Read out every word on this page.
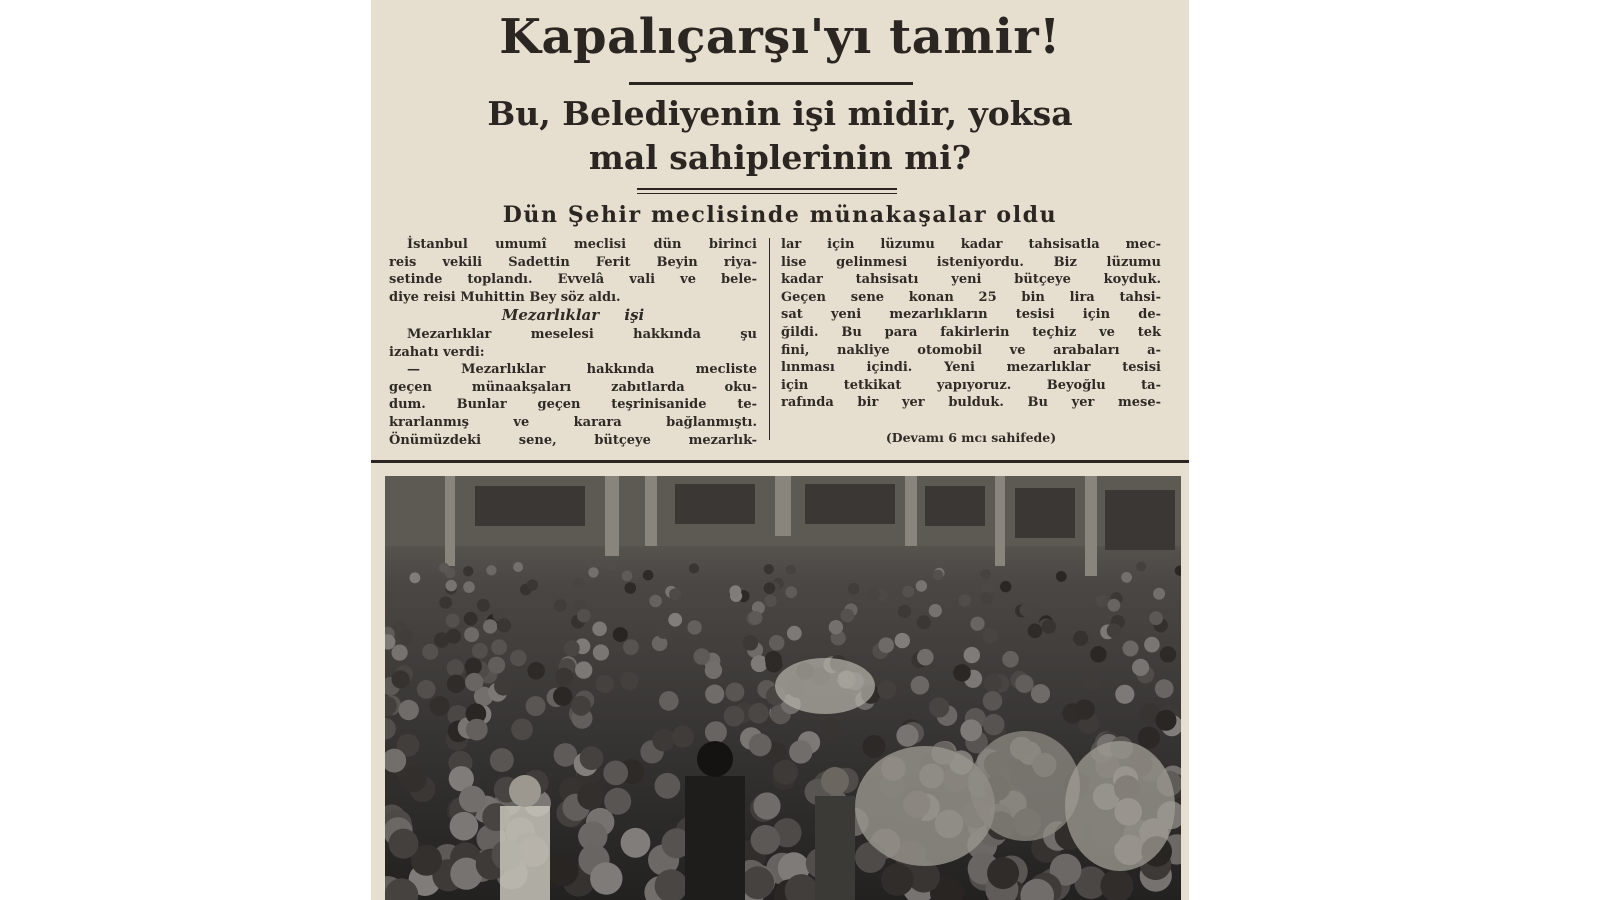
Kapalıçarşı'yı tamir!
Bu, Belediyenin işi midir, yoksa
mal sahiplerinin mi?
Dün Şehir meclisinde münakaşalar oldu

İstanbul umumî meclisi dün birinci

reis vekili Sadettin Ferit Beyin riya-

setinde toplandı. Evvelâ vali ve bele-

diye reisi Muhittin Bey söz aldı.

Mezarlıklar işi

Mezarlıklar meselesi hakkında şu

izahatı verdi:

— Mezarlıklar hakkında mecliste

geçen münaakşaları zabıtlarda oku-

dum. Bunlar geçen teşrinisanide te-

krarlanmış ve karara bağlanmıştı.

Önümüzdeki sene, bütçeye mezarlık-

lar için lüzumu kadar tahsisatla mec-

lise gelinmesi isteniyordu. Biz lüzumu

kadar tahsisatı yeni bütçeye koyduk.

Geçen sene konan 25 bin lira tahsi-

sat yeni mezarlıkların tesisi için de-

ğildi. Bu para fakirlerin teçhiz ve tek

fini, nakliye otomobil ve arabaları a-

lınması içindi. Yeni mezarlıklar tesisi

için tetkikat yapıyoruz. Beyoğlu ta-

rafında bir yer bulduk. Bu yer mese-

(Devamı 6 mcı sahifede)
